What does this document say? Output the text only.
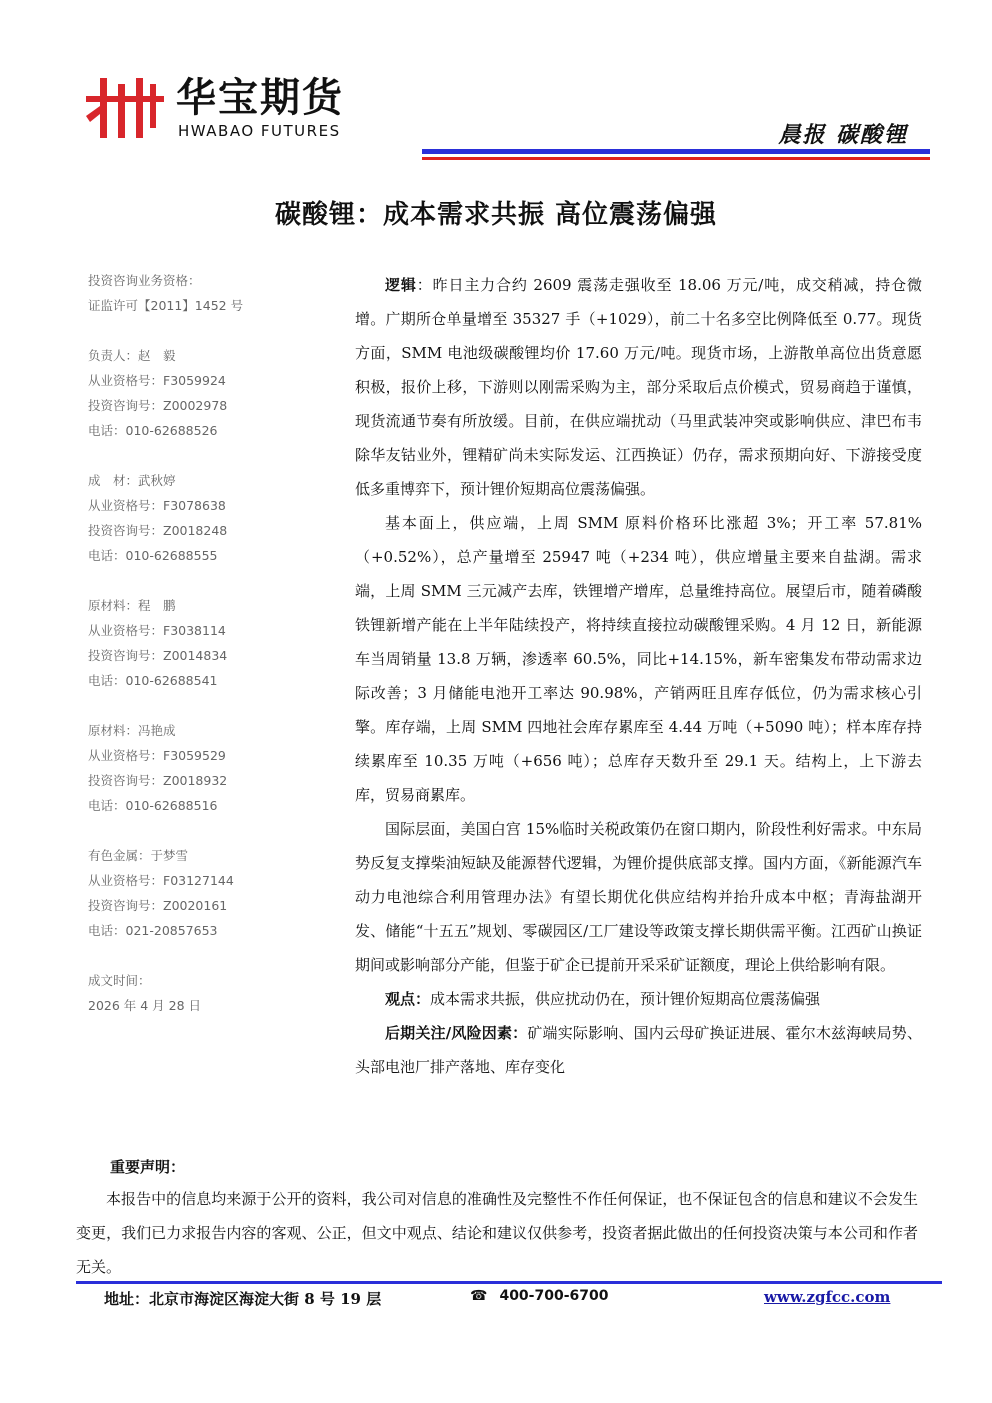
华宝期货
HWABAO FUTURES	晨报 碳酸锂
碳酸锂：成本需求共振 高位震荡偏强
投资咨询业务资格：
证监许可【2011】1452 号
负责人：赵　毅
从业资格号：F3059924
投资咨询号：Z0002978
电话：010-62688526
成　材：武秋婷
从业资格号：F3078638
投资咨询号：Z0018248
电话：010-62688555
原材料：程　鹏
从业资格号：F3038114
投资咨询号：Z0014834
电话：010-62688541
原材料：冯艳成
从业资格号：F3059529
投资咨询号：Z0018932
电话：010-62688516
有色金属：于梦雪
从业资格号：F03127144
投资咨询号：Z0020161
电话：021-20857653
成文时间：
2026 年 4 月 28 日

逻辑：昨日主力合约 2609 震荡走强收至 18.06 万元/吨，成交稍减，持仓微增。广期所仓单量增至 35327 手（+1029），前二十名多空比例降低至 0.77。现货方面，SMM 电池级碳酸锂均价 17.60 万元/吨。现货市场，上游散单高位出货意愿积极，报价上移，下游则以刚需采购为主，部分采取后点价模式，贸易商趋于谨慎，现货流通节奏有所放缓。目前，在供应端扰动（马里武装冲突或影响供应、津巴布韦除华友钴业外，锂精矿尚未实际发运、江西换证）仍存，需求预期向好、下游接受度低多重博弈下，预计锂价短期高位震荡偏强。

基本面上，供应端，上周 SMM 原料价格环比涨超 3%；开工率 57.81%（+0.52%），总产量增至 25947 吨（+234 吨），供应增量主要来自盐湖。需求端，上周 SMM 三元减产去库，铁锂增产增库，总量维持高位。展望后市，随着磷酸铁锂新增产能在上半年陆续投产，将持续直接拉动碳酸锂采购。4 月 12 日，新能源车当周销量 13.8 万辆，渗透率 60.5%，同比+14.15%，新车密集发布带动需求边际改善；3 月储能电池开工率达 90.98%，产销两旺且库存低位，仍为需求核心引擎。库存端，上周 SMM 四地社会库存累库至 4.44 万吨（+5090 吨）；样本库存持续累库至 10.35 万吨（+656 吨）；总库存天数升至 29.1 天。结构上，上下游去库，贸易商累库。

国际层面，美国白宫 15%临时关税政策仍在窗口期内，阶段性利好需求。中东局势反复支撑柴油短缺及能源替代逻辑，为锂价提供底部支撑。国内方面，《新能源汽车动力电池综合利用管理办法》有望长期优化供应结构并抬升成本中枢；青海盐湖开发、储能“十五五”规划、零碳园区/工厂建设等政策支撑长期供需平衡。江西矿山换证期间或影响部分产能，但鉴于矿企已提前开采采矿证额度，理论上供给影响有限。

观点：成本需求共振，供应扰动仍在，预计锂价短期高位震荡偏强

后期关注/风险因素：矿端实际影响、国内云母矿换证进展、霍尔木兹海峡局势、头部电池厂排产落地、库存变化

重要声明：

本报告中的信息均来源于公开的资料，我公司对信息的准确性及完整性不作任何保证，也不保证包含的信息和建议不会发生变更，我们已力求报告内容的客观、公正，但文中观点、结论和建议仅供参考，投资者据此做出的任何投资决策与本公司和作者无关。

地址：北京市海淀区海淀大街 8 号 19 层	☎ 400-700-6700	www.zgfcc.com
